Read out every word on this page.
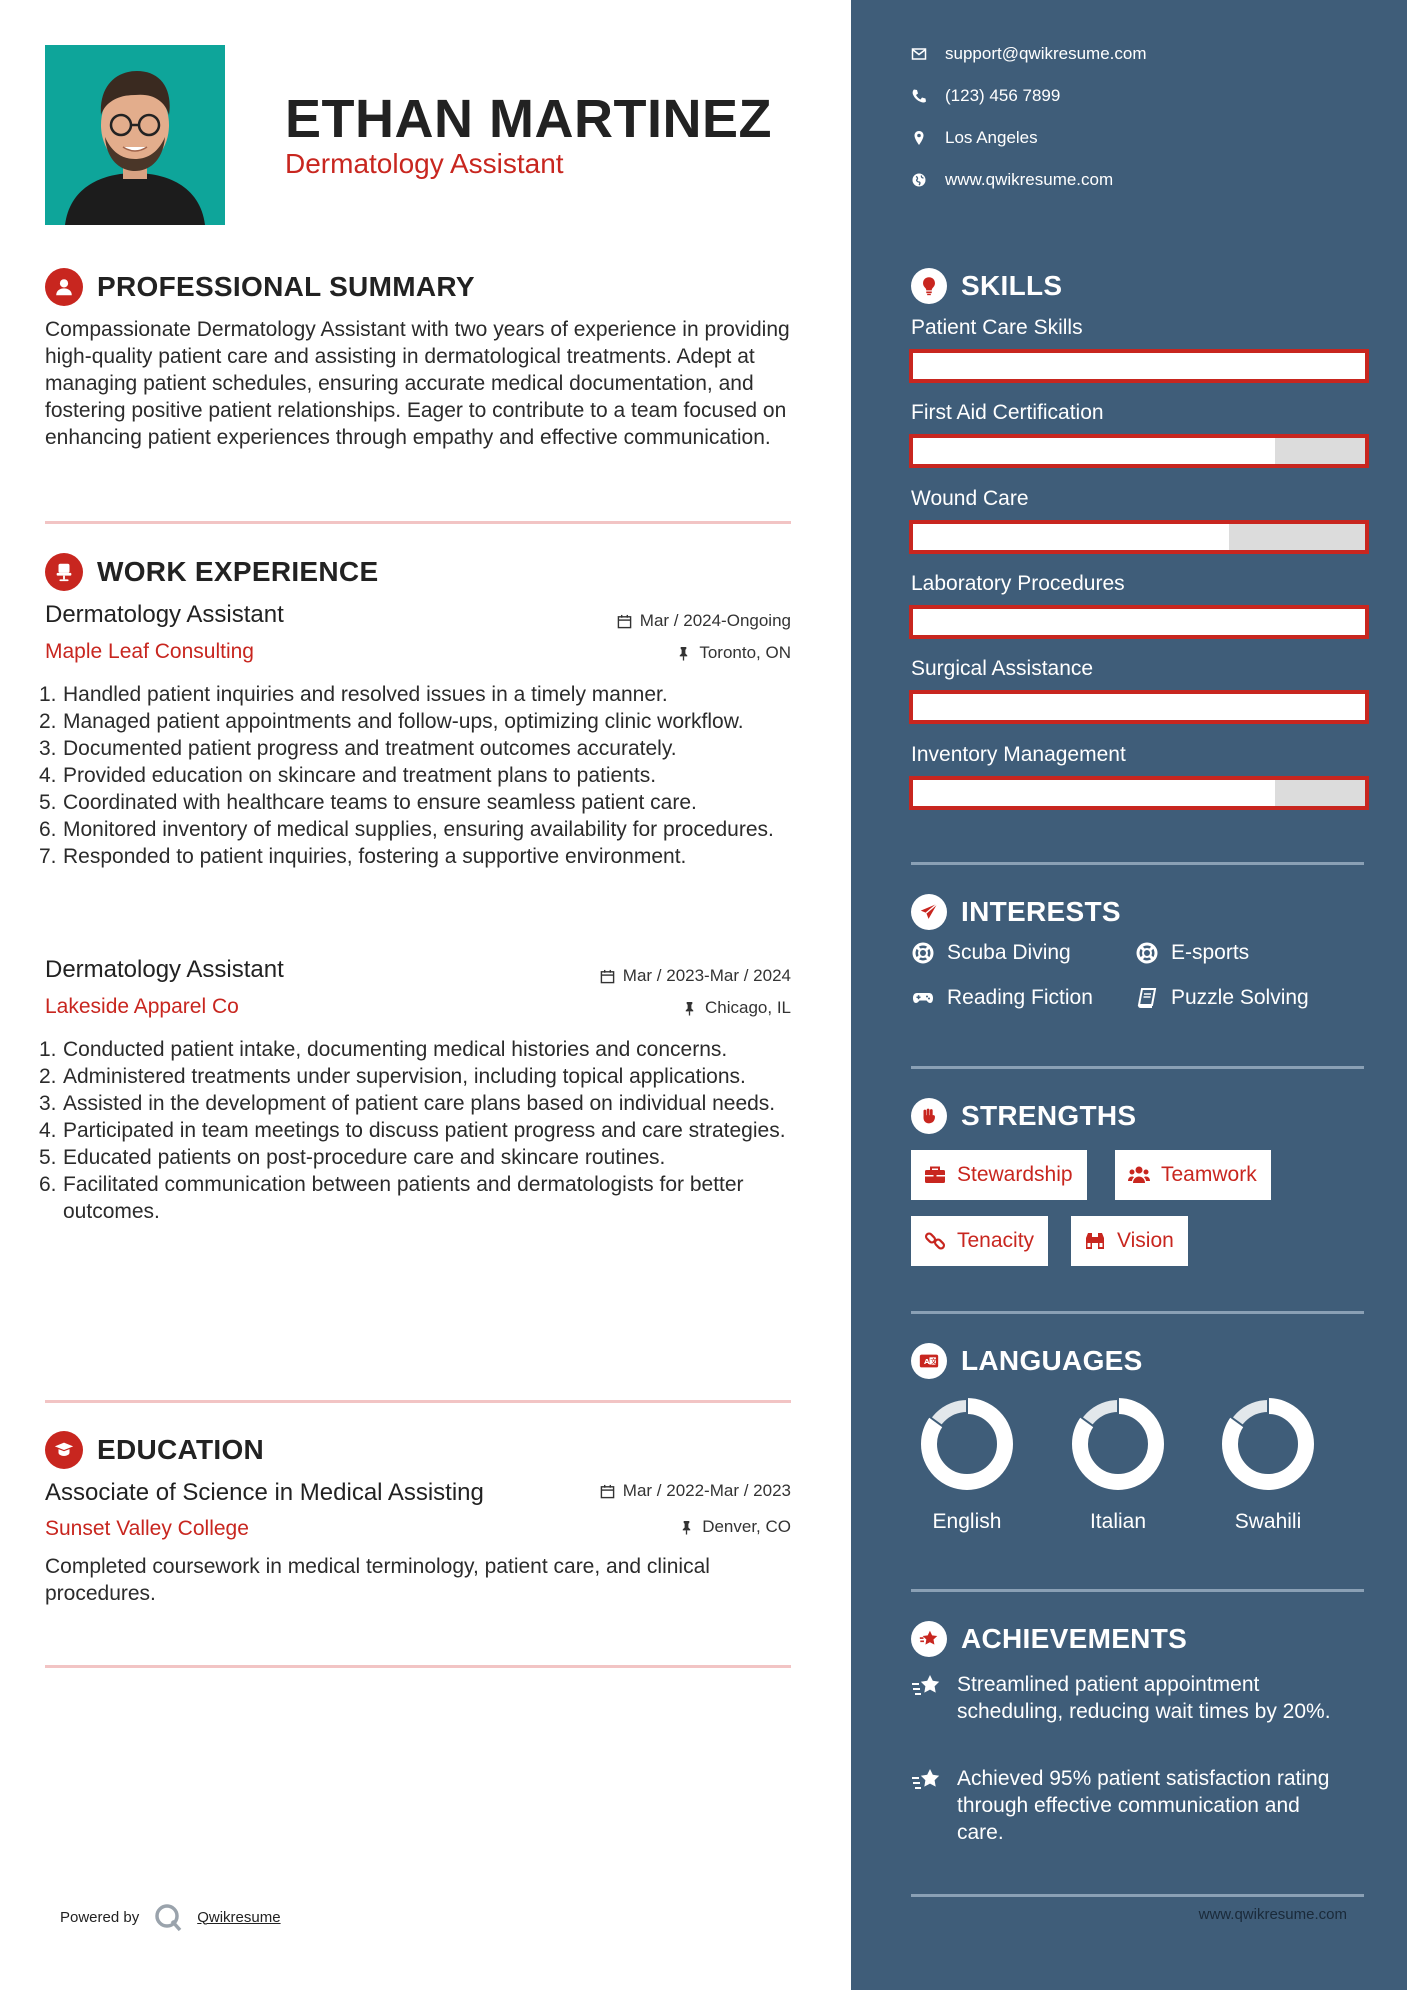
ETHAN MARTINEZ
Dermatology Assistant
PROFESSIONAL SUMMARY
Compassionate Dermatology Assistant with two years of experience in providing high-quality patient care and assisting in dermatological treatments. Adept at managing patient schedules, ensuring accurate medical documentation, and fostering positive patient relationships. Eager to contribute to a team focused on enhancing patient experiences through empathy and effective communication.
WORK EXPERIENCE
Dermatology Assistant	Mar / 2024-Ongoing
Maple Leaf Consulting	Toronto, ON
1. Handled patient inquiries and resolved issues in a timely manner.
2. Managed patient appointments and follow-ups, optimizing clinic workflow.
3. Documented patient progress and treatment outcomes accurately.
4. Provided education on skincare and treatment plans to patients.
5. Coordinated with healthcare teams to ensure seamless patient care.
6. Monitored inventory of medical supplies, ensuring availability for procedures.
7. Responded to patient inquiries, fostering a supportive environment.
Dermatology Assistant	Mar / 2023-Mar / 2024
Lakeside Apparel Co	Chicago, IL
1. Conducted patient intake, documenting medical histories and concerns.
2. Administered treatments under supervision, including topical applications.
3. Assisted in the development of patient care plans based on individual needs.
4. Participated in team meetings to discuss patient progress and care strategies.
5. Educated patients on post-procedure care and skincare routines.
6. Facilitated communication between patients and dermatologists for better outcomes.
EDUCATION
Associate of Science in Medical Assisting	Mar / 2022-Mar / 2023
Sunset Valley College	Denver, CO
Completed coursework in medical terminology, patient care, and clinical procedures.
Powered by	Qwikresume
support@qwikresume.com
(123) 456 7899
Los Angeles
www.qwikresume.com
SKILLS
Patient Care Skills
First Aid Certification
Wound Care
Laboratory Procedures
Surgical Assistance
Inventory Management
INTERESTS
Scuba Diving	E-sports
Reading Fiction	Puzzle Solving
STRENGTHS
Stewardship	Teamwork
Tenacity	Vision
A 文 LANGUAGES
English	Italian	Swahili
ACHIEVEMENTS
Streamlined patient appointment scheduling, reducing wait times by 20%.
Achieved 95% patient satisfaction rating through effective communication and care.
www.qwikresume.com
